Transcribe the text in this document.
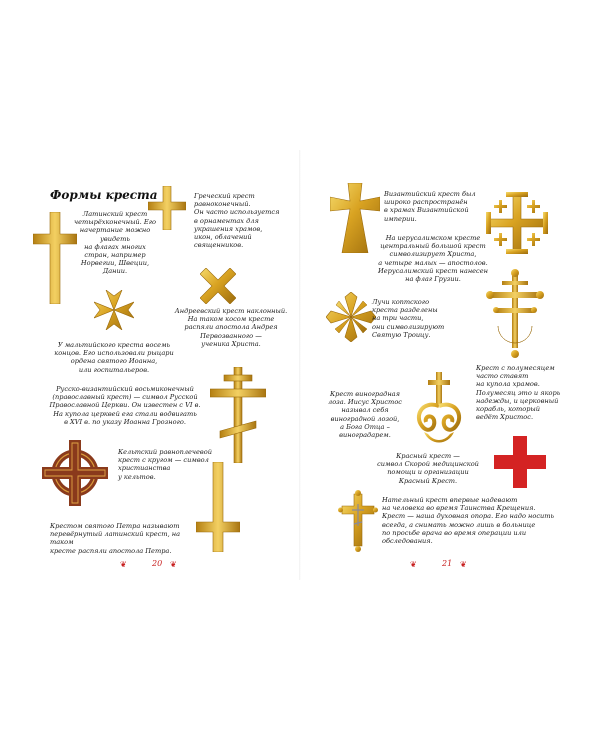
Формы креста
Латинский крест
четырёхконечный. Его
начертание можно
увидеть
на флагах многих
стран, например
Норвегии, Швеции,
Дании.
Греческий крест
равноконечный.
Он часто используется
в орнаментах для
украшения храмов,
икон, облачений
священников.
Андреевский крест наклонный.
На таком косом кресте
распяли апостола Андрея
Первозванного —
ученика Христа.
У мальтийского креста восемь
концов. Его использовали рыцари
ордена святого Иоанна,
или госпитальеров.
Русско-византийский восьмиконечный
(православный крест) — символ Русской
Православной Церкви. Он известен с VI в.
На купола церквей ега стали водвигать
в XVI в. по указу Иоанна Грозного.
Кельтский равноплечевой
крест с кругом — символ
христианства
у кельтов.
Крестом святого Петра называют
перевёрнутый латинский крест, на таком
кресте распяли апостола Петра.
❦	20 ❦
Византийский крест был
широко распространён
в храмах Византийской
империи.
На иерусалимском кресте
центральный большой крест
символизирует Христа,
а четыре малых — апостолов.
Иерусалимский крест нанесен
на флаг Грузии.
Лучи коптского
креста разделены
на три части,
они символизируют
Святую Троицу.
Крест с полумесяцем
часто ставят
на купола храмов.
Полумесяц это и якорь
надежды, и церковный
корабль, который
ведёт Христос.
Крест виноградная
лоза. Иисус Христос
называл себя
виноградной лозой,
а Бога Отца –
виноградарем.
Красный крест —
символ Скорой медицинской
помощи и организации
Красный Крест.
Нательный крест впервые надевают
на человека во время Таинства Крещения.
Крест — наша духовная опора. Его надо носить
всегда, а снимать можно лишь в больнице
по просьбе врача во время операции или
обследования.
❦	21 ❦
